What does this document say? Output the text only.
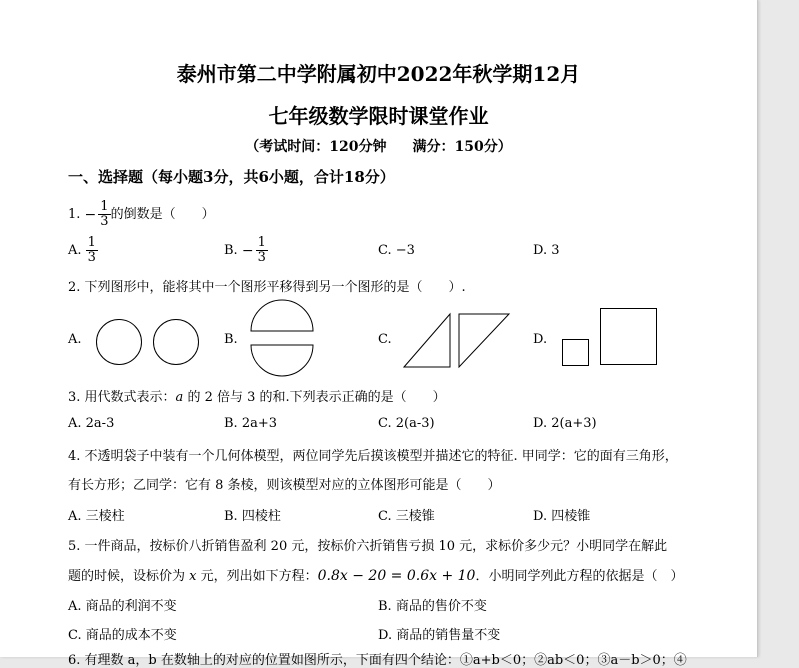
泰州市第二中学附属初中2022年秋学期12月
七年级数学限时课堂作业
（考试时间：120分钟 满分：150分）
一、选择题（每小题3分，共6小题，合计18分）
1. − $\frac{1}{3}$ 的倒数是（　　）
A. $\frac{1}{3}$	B. − $\frac{1}{3}$	C. −3	D. 3
2. 下列图形中，能将其中一个图形平移得到另一个图形的是（　　）.
A.	B.	C.	D.
3. 用代数式表示：a 的 2 倍与 3 的和.下列表示正确的是（　　）
A. 2a-3	B. 2a+3	C. 2(a-3)	D. 2(a+3)
4. 不透明袋子中装有一个几何体模型，两位同学先后摸该模型并描述它的特征. 甲同学：它的面有三角形，
有长方形；乙同学：它有 8 条棱，则该模型对应的立体图形可能是（　　）
A. 三棱柱	B. 四棱柱	C. 三棱锥	D. 四棱锥
5. 一件商品，按标价八折销售盈利 20 元，按标价六折销售亏损 10 元，求标价多少元？小明同学在解此
题的时候，设标价为 x 元，列出如下方程：0.8x − 20 = 0.6x + 10．小明同学列此方程的依据是（　）
A. 商品的利润不变	B. 商品的售价不变
C. 商品的成本不变	D. 商品的销售量不变
6. 有理数 a，b 在数轴上的对应的位置如图所示，下面有四个结论：①a+b＜0；②ab＜0；③a－b＞0；④
